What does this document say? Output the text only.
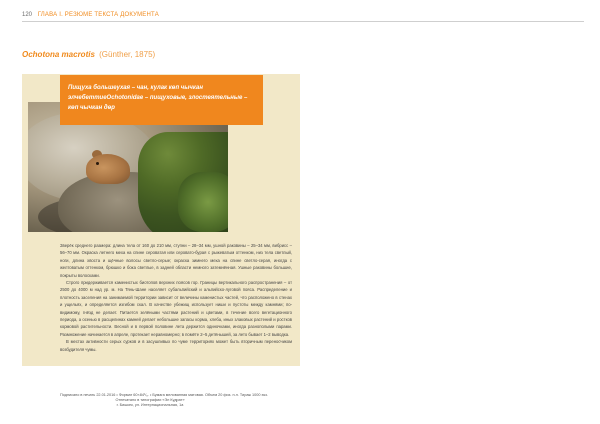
120 ГЛАВА I. РЕЗЮМЕ ТЕКСТА ДОКУМЕНТА
Ochotona macrotis (Günther, 1875)

Пищуха большеухая – чан, кулак көп чычкан элчебеттиеОchotonidae – пищуховые, злостеятельные – көп чычкан дөр

Зверёк среднего размера: длина тела от 160 до 210 мм, ступни – 28–34 мм, ушной раковины – 25–34 мм, вибрисс – 56–70 мм. Окраска летнего меха на спине сероватая или серовато-бурая с рыжеватым оттенком, низ тела светлый, ноги, длина хвоста и щёчные волосы светло-серые; окраска зимнего меха на спине светло-серая, иногда с желтоватым оттенком, брюшко и бока светлые, в задней области немного затемнённая. Ушные раковины большие, покрыты волосками.

Строго придерживается каменистых биотопов верхних поясов гор. Границы вертикального распространения – от 2500 до 4000 м над ур. м. На Тянь-Шане населяет субальпийский и альпийско-луговой пояса. Распределение и плотность заселения на занимаемой территории зависит от величины каменистых частей, что расположено в стенах и ущельях, и определяется изгибом скал. В качестве убежищ использует ниши и пустоты между камнями; по-видимому, гнёзд не делает. Питается зелёными частями растений и цветами, в течение всего вегетационного периода, а осенью в расщелинах камней делает небольшие запасы корма, хлеба, иных злаковых растений и ростков кормовой растительности. Весной и в первой половине лета держится одиночками, иногда разнополыми парами. Размножение начинается в апреле, протекает неравномерно; в помёте 2–5 детёнышей, за лето бывает 1–2 выводка.

В местах активности серых сурков и в засушливых по чуме территориях может быть вторичным переносчиком возбудителя чумы.

Подписано в печать 22.01.2016 • Формат 60×84¹/₈. • Бумага мелованная матовая. Объем 20 физ. п.л. Тираж 1000 экз.
Отпечатано в типографии «Эл Кудрат»
г. Бишкек, ул. Интернациональная, 1а
